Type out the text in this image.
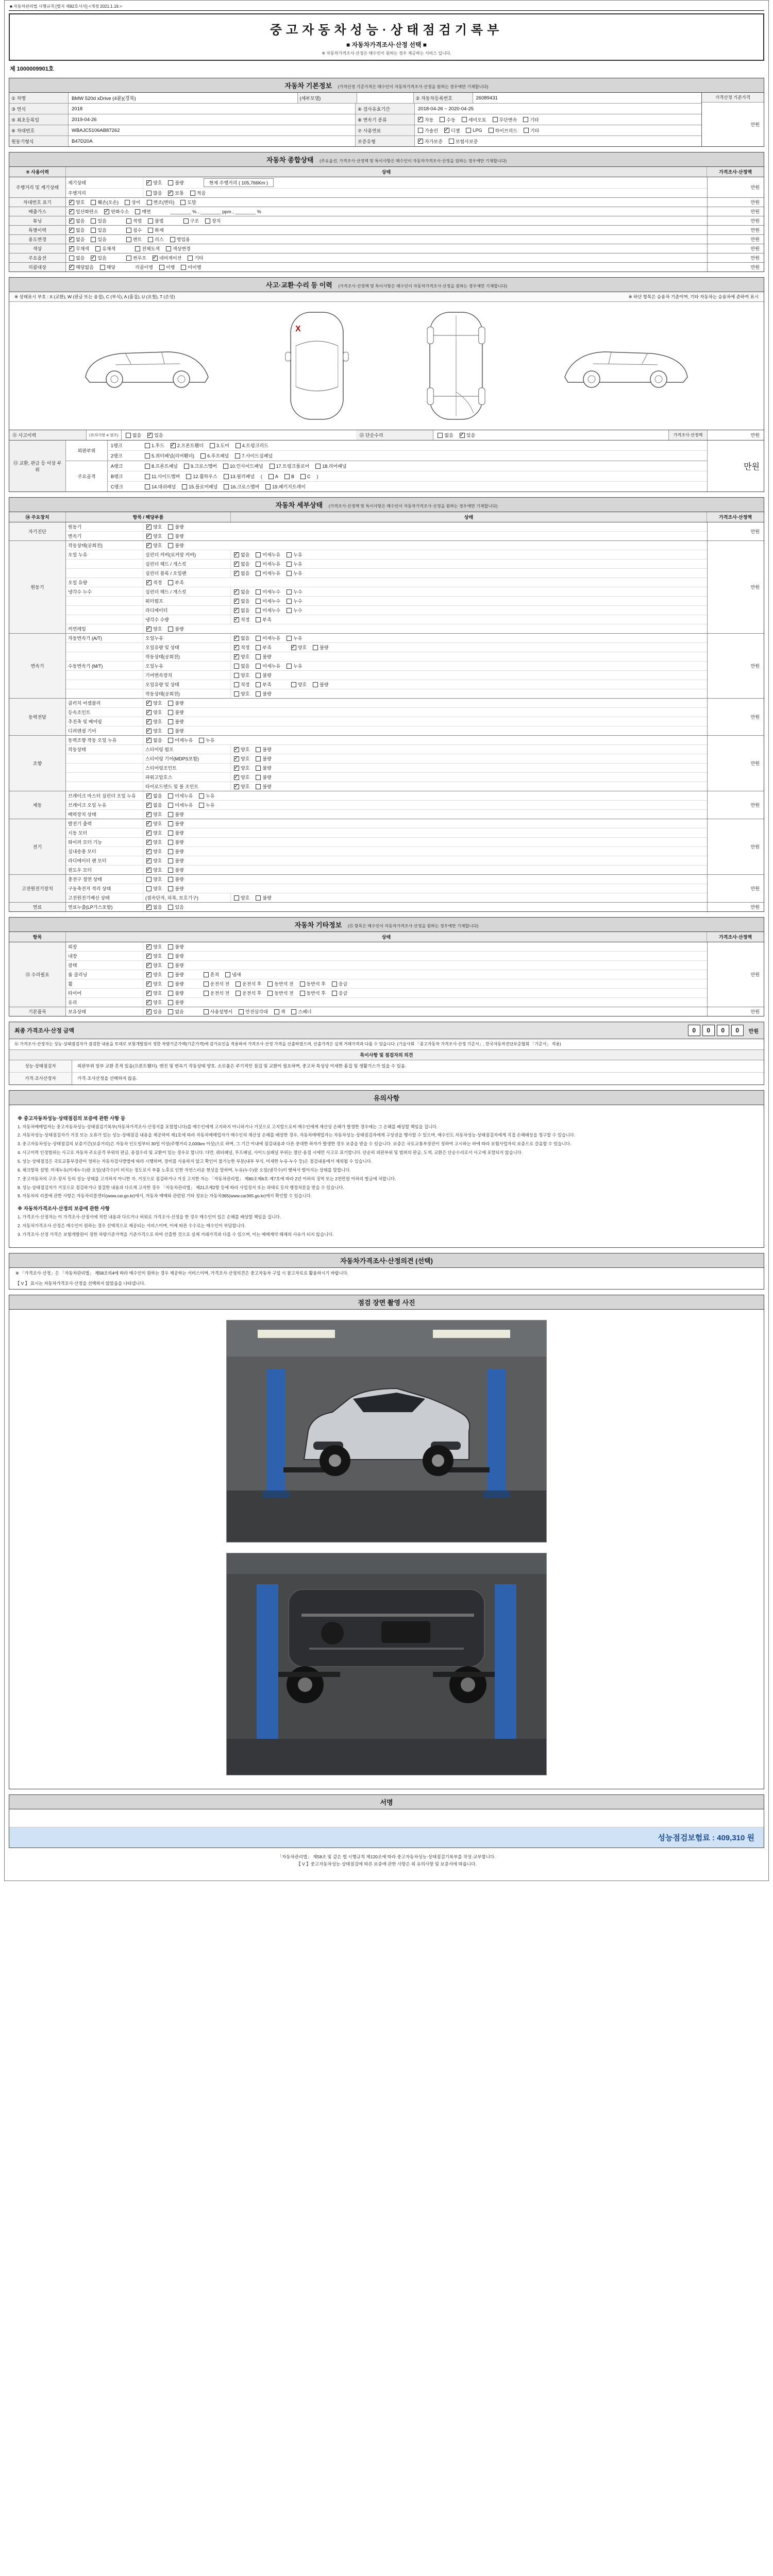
■ 자동차관리법 시행규칙 [별지 제82호서식] <개정 2021.1.19.>
중고자동차성능·상태점검기록부
■ 자동차가격조사·산정 선택 ■
※ 자동차가격조사·산정은 매수인이 원하는 경우 제공하는 서비스 입니다.
제 1000009901호
자동차 기본정보 (가격산정 기준가격은 매수인이 자동차가격조사·산정을 원하는 경우에만 기재합니다)
① 차명	BMW 520d xDrive (4륜)(경북)	(세부모델)	② 자동차등록번호	26089431
③ 연식	2018	④ 검사유효기간	2018-04-26 ~ 2020-04-25
⑤ 최초등록일	2019-04-26	⑧ 변속기 종류 ✓	자동	수동	세미오토	무단변속	기타
⑥ 차대번호	WBAJC5106AB87262	⑦ 사용연료	가솔린 ✓	디젤	LPG	하이브리드	기타
원동기형식	B47D20A	보증유형 ✓	자가보증	보험사보증
가격산정 기준가격
만원
자동차 종합상태 (주요옵션, 가격조사·산정액 및 특이사항은 매수인이 자동차가격조사·산정을 원하는 경우에만 기재합니다)
⑨ 사용이력	상태	가격조사·산정액
주행거리 및 계기상태
계기상태 ✓	양호	불량	현재 주행거리 ( 105,766Km )
주행거리	많음 ✓	보통	적음
만원
차대번호 표기 ✓	양호	훼손(오손)	상이	변조(변타)	도말	만원
배출가스 ✓	일산화탄소 ✓	탄화수소	매연	________ % , ________ ppm , ________ %	만원
튜닝 ✓	없음	있음	적법	불법	구조	장치	만원
특별이력 ✓	없음	있음	침수	화재	만원
용도변경 ✓	없음	있음	렌트	리스	영업용	만원
색상 ✓	무채색	유채색	전체도색	색상변경	만원
주요옵션	없음 ✓	있음	썬루프 ✓	네비게이션	기타	만원
리콜대상 ✓	해당없음	해당	리콜이행	이행	미이행	만원
사고·교환·수리 등 이력 (가격조사·산정액 및 특이사항은 매수인이 자동차가격조사·산정을 원하는 경우에만 기재합니다)
※ 상태표시 부호 : X (교환), W (판금 또는 용접), C (부식), A (흠집), U (요철), T (손상)	※ 하단 항목은 승용차 기준이며, 기타 자동차는 승용차에 준하여 표시
X
⑪ 사고이력	(유의사항 4 참조)	없음 ✓	있음	⑫ 단순수리	없음 ✓	있음	가격조사·산정액	만원
⑬ 교환, 판금 등 이상 부위
외판부위
1랭크	1.후드 ✓	2.프론트휀더	3.도어	4.트렁크리드
2랭크	5.쿼터패널(리어휀더)	6.루프패널	7.사이드실패널
주요골격
A랭크	8.프론트패널	9.크로스멤버	10.인사이드패널	17.트렁크플로어	18.리어패널
B랭크	11.사이드멤버	12.휠하우스	13.필러패널 (	A	B	C )
C랭크	14.대쉬패널	15.플로어패널	16.크로스멤버	19.패키지트레이
만원
자동차 세부상태 (가격조사·산정액 및 특이사항은 매수인이 자동차가격조사·산정을 원하는 경우에만 기재합니다)
⑭ 주요장치	항목 / 해당부품	상태	가격조사·산정액
자기진단
원동기 ✓	양호	불량
변속기 ✓	양호	불량
만원
원동기
작동상태(공회전) ✓	양호	불량
오일 누유	실린더 커버(로커암 커버) ✓	없음	미세누유	누유
실린더 헤드 / 개스킷 ✓	없음	미세누유	누유
실린더 블록 / 오일팬 ✓	없음	미세누유	누유
오일 유량 ✓	적정	부족
냉각수 누수	실린더 헤드 / 개스킷 ✓	없음	미세누수	누수
워터펌프 ✓	없음	미세누수	누수
라디에이터 ✓	없음	미세누수	누수
냉각수 수량 ✓	적정	부족
커먼레일 ✓	양호	불량
만원
변속기
자동변속기 (A/T)	오일누유 ✓	없음	미세누유	누유
오일유량 및 상태 ✓	적정	부족 ✓	양호	불량
작동상태(공회전) ✓	양호	불량
수동변속기 (M/T)	오일누유	없음	미세누유	누유
기어변속장치	양호	불량
오일유량 및 상태	적정	부족	양호	불량
작동상태(공회전)	양호	불량
만원
동력전달
클러치 어셈블리 ✓	양호	불량
등속조인트 ✓	양호	불량
추진축 및 베어링 ✓	양호	불량
디퍼렌셜 기어 ✓	양호	불량
만원
조향
동력조향 작동 오일 누유 ✓	없음	미세누유	누유
작동상태	스티어링 펌프 ✓	양호	불량
스티어링 기어(MDPS포함) ✓	양호	불량
스티어링조인트 ✓	양호	불량
파워고압호스 ✓	양호	불량
타이로드엔드 및 볼 조인트 ✓	양호	불량
만원
제동
브레이크 마스터 실린더 오일 누유 ✓	없음	미세누유	누유
브레이크 오일 누유 ✓	없음	미세누유	누유
배력장치 상태 ✓	양호	불량
만원
전기
발전기 출력 ✓	양호	불량
시동 모터 ✓	양호	불량
와이퍼 모터 기능 ✓	양호	불량
실내송풍 모터 ✓	양호	불량
라디에이터 팬 모터 ✓	양호	불량
윈도우 모터 ✓	양호	불량
만원
고전원전기장치
충전구 절연 상태	양호	불량
구동축전지 격리 상태	양호	불량
고전원전기배선 상태	(접속단자, 피복, 보호기구)	양호	불량
만원
연료	연료누출(LP가스포함) ✓	없음	있음	만원
자동차 기타정보 (⑮ 항목은 매수인이 자동차가격조사·산정을 원하는 경우에만 기재합니다)
항목	상태	가격조사·산정액
⑮ 수리필요
외장 ✓	양호	불량
내장 ✓	양호	불량
광택 ✓	양호	불량
룸 클리닝 ✓	양호	불량	흔적	냄새
휠 ✓	양호	불량	운전석 전	운전석 후	동반석 전	동반석 후	응급
타이어 ✓	양호	불량	운전석 전	운전석 후	동반석 전	동반석 후	응급
유리 ✓	양호	불량
만원
기본품목	보유상태 ✓	있음	없음	사용설명서	안전삼각대	잭	스패너	만원
최종 가격조사·산정 금액	0	0	0	0	만원
⑯ 가격조사·산정자는 성능·상태점검자가 점검한 내용을 토대로 보험개발원이 정한 차량기준가액(기준가격)에 감가요인을 적용하여 가격조사·산정 가격을 산출하였으며, 산출가격은 실제 거래가격과 다를 수 있습니다. (기술사회 「중고자동차 가격조사·산정 기준서」, 한국자동차진단보증협회 「기준서」 적용)
특이사항 및 점검자의 의견
성능·상태점검자	외판부위 일부 교환 흔적 있음(프론트휀더). 엔진 및 변속기 작동상태 양호. 소모품은 주기적인 점검 및 교환이 필요하며, 중고차 특성상 미세한 흠집 및 생활기스가 있을 수 있음.
가격·조사산정자	가격·조사산정을 선택하지 않음.
유의사항
※ 중고자동차성능·상태점검의 보증에 관한 사항 등
1. 자동차매매업자는 중고자동차성능·상태점검기록부(자동차가격조사·산정서를 포함합니다)를 매수인에게 고지하지 아니하거나 거짓으로 고지함으로써 매수인에게 재산상 손해가 발생한 경우에는 그 손해를 배상할 책임을 집니다.
2. 자동차성능·상태점검자가 거짓 또는 오류가 있는 성능·상태점검 내용을 제공하여 제1호에 따라 자동차매매업자가 매수인의 재산상 손해를 배상한 경우, 자동차매매업자는 자동차성능·상태점검자에게 구상권을 행사할 수 있으며, 매수인도 자동차성능·상태점검자에게 직접 손해배상을 청구할 수 있습니다.
3. 중고자동차성능·상태점검의 보증기간(보증거리)은 자동차 인도일부터 30일 이상(주행거리 2,000km 이상)으로 하며, 그 기간 이내에 점검내용과 다른 중대한 하자가 발생한 경우 보증을 받을 수 있습니다. 보증은 국토교통부장관이 정하여 고시하는 바에 따라 보험사업자의 보증으로 갈음할 수 있습니다.
4. 사고이력 인정범위는 사고로 자동차 주요골격 부위의 판금, 용접수리 및 교환이 있는 경우로 합니다. 다만, 쿼터패널, 루프패널, 사이드실패널 부위는 절단·용접 시에만 사고로 표기합니다. 단순히 외판부위 및 범퍼의 판금, 도색, 교환은 단순수리로서 사고에 포함되지 않습니다.
5. 성능·상태점검은 국토교통부장관이 정하는 자동차검사방법에 따라 시행하며, 장비를 사용하지 않고 확인이 불가능한 부분(내부 부식, 미세한 누유·누수 등)은 점검내용에서 제외될 수 있습니다.
6. 체크항목 설명: 미세누유(미세누수)란 오일(냉각수)이 비치는 정도로서 부품 노후로 인한 자연스러운 현상을 말하며, 누유(누수)란 오일(냉각수)이 맺혀서 떨어지는 상태를 말합니다.
7. 중고자동차의 구조·장치 등의 성능·상태를 고지하지 아니한 자, 거짓으로 점검하거나 거짓 고지한 자는 「자동차관리법」 제80조제6호·제7호에 따라 2년 이하의 징역 또는 2천만원 이하의 벌금에 처합니다.
8. 성능·상태점검자가 거짓으로 점검하거나 점검한 내용과 다르게 고지한 경우 「자동차관리법」 제21조제2항 등에 따라 사업정지 또는 과태료 등의 행정처분을 받을 수 있습니다.
9. 자동차의 리콜에 관한 사항은 자동차리콜센터(www.car.go.kr)에서, 자동차 매매와 관련된 기타 정보는 자동차365(www.car365.go.kr)에서 확인할 수 있습니다.
※ 자동차가격조사·산정의 보증에 관한 사항
1. 가격조사·산정자는 이 가격조사·산정서에 적힌 내용과 다르거나 허위로 가격조사·산정을 한 경우 매수인이 입은 손해를 배상할 책임을 집니다.
2. 자동차가격조사·산정은 매수인이 원하는 경우 선택적으로 제공되는 서비스이며, 이에 따른 수수료는 매수인이 부담합니다.
3. 가격조사·산정 가격은 보험개발원이 정한 차량기준가액을 기준가격으로 하여 산출한 것으로 실제 거래가격과 다를 수 있으며, 이는 매매계약 해제의 사유가 되지 않습니다.
자동차가격조사·산정의견 (선택)
※ 「가격조사·산정」은 「자동차관리법」 제58조의4에 따라 매수인이 원하는 경우 제공하는 서비스이며, 가격조사·산정의견은 중고자동차 구입 시 참고자료로 활용하시기 바랍니다.
【 V 】 표시는 자동차가격조사·산정을 선택하지 않았음을 나타냅니다.
점검 장면 촬영 사진
서명
성능점검보험료 : 409,310 원
「자동차관리법」 제58조 및 같은 법 시행규칙 제120조에 따라 중고자동차성능·상태점검기록부를 작성·교부합니다.
【 V 】중고자동차성능·상태점검에 따른 보증에 관한 사항은 위 유의사항 및 보증서에 따릅니다.
